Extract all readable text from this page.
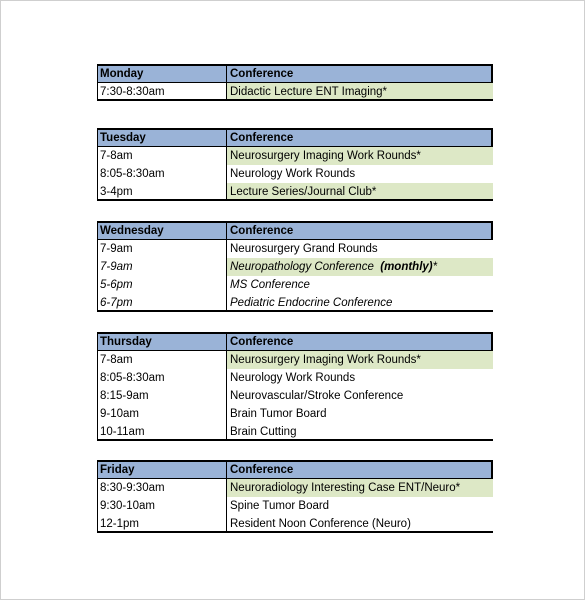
Monday	Conference
7:30-8:30am	Didactic Lecture ENT Imaging*
Tuesday	Conference
7-8am	Neurosurgery Imaging Work Rounds*
8:05-8:30am	Neurology Work Rounds
3-4pm	Lecture Series/Journal Club*
Wednesday	Conference
7-9am	Neurosurgery Grand Rounds
7-9am	Neuropathology Conference (monthly)*
5-6pm	MS Conference
6-7pm	Pediatric Endocrine Conference
Thursday	Conference
7-8am	Neurosurgery Imaging Work Rounds*
8:05-8:30am	Neurology Work Rounds
8:15-9am	Neurovascular/Stroke Conference
9-10am	Brain Tumor Board
10-11am	Brain Cutting
Friday	Conference
8:30-9:30am	Neuroradiology Interesting Case ENT/Neuro*
9:30-10am	Spine Tumor Board
12-1pm	Resident Noon Conference (Neuro)
